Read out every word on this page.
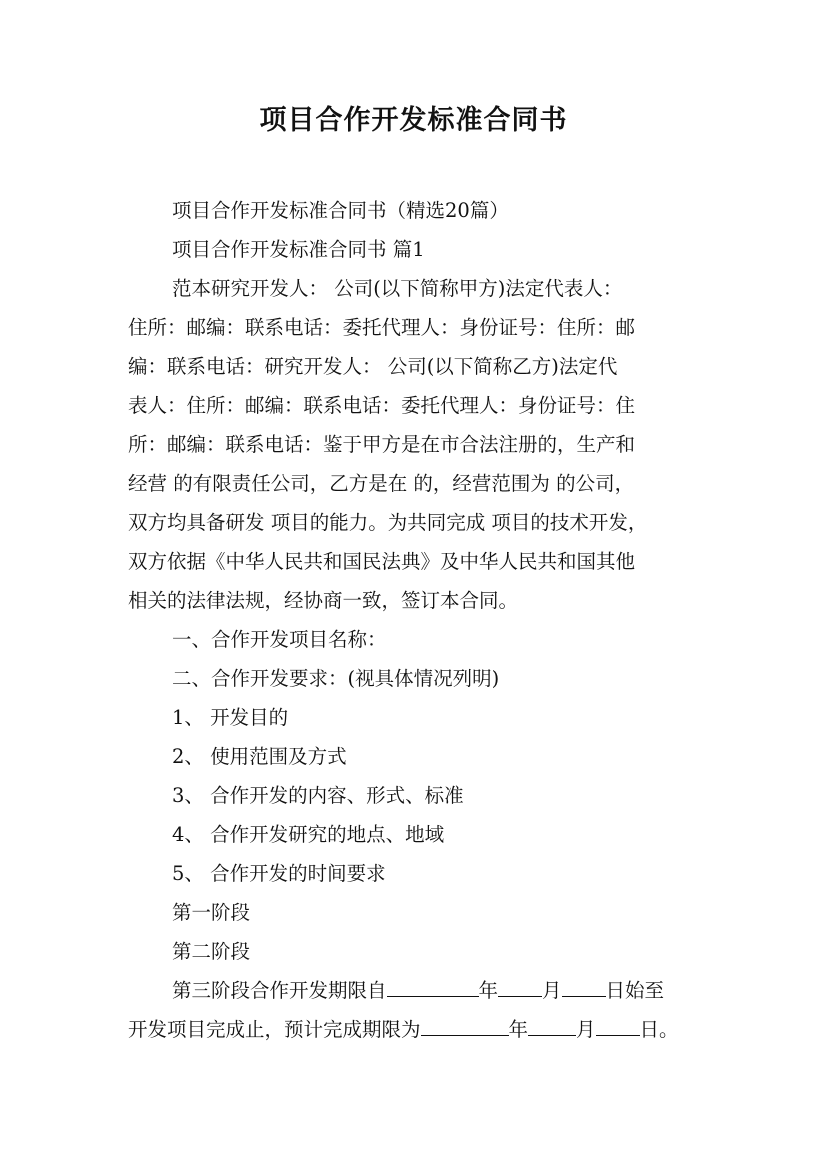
项目合作开发标准合同书

项目合作开发标准合同书（精选20篇）

项目合作开发标准合同书 篇1

范本研究开发人： 公司(以下简称甲方)法定代表人：

住所：邮编：联系电话：委托代理人：身份证号：住所：邮

编：联系电话：研究开发人： 公司(以下简称乙方)法定代

表人：住所：邮编：联系电话：委托代理人：身份证号：住

所：邮编：联系电话：鉴于甲方是在市合法注册的，生产和

经营 的有限责任公司，乙方是在 的，经营范围为 的公司，

双方均具备研发 项目的能力。为共同完成 项目的技术开发，

双方依据《中华人民共和国民法典》及中华人民共和国其他

相关的法律法规，经协商一致，签订本合同。

一、合作开发项目名称：

二、合作开发要求：(视具体情况列明)

1、 开发目的

2、 使用范围及方式

3、 合作开发的内容、形式、标准

4、 合作开发研究的地点、地域

5、 合作开发的时间要求

第一阶段

第二阶段

第三阶段合作开发期限自	年 月 日始至

开发项目完成止，预计完成期限为	年 月 日。
